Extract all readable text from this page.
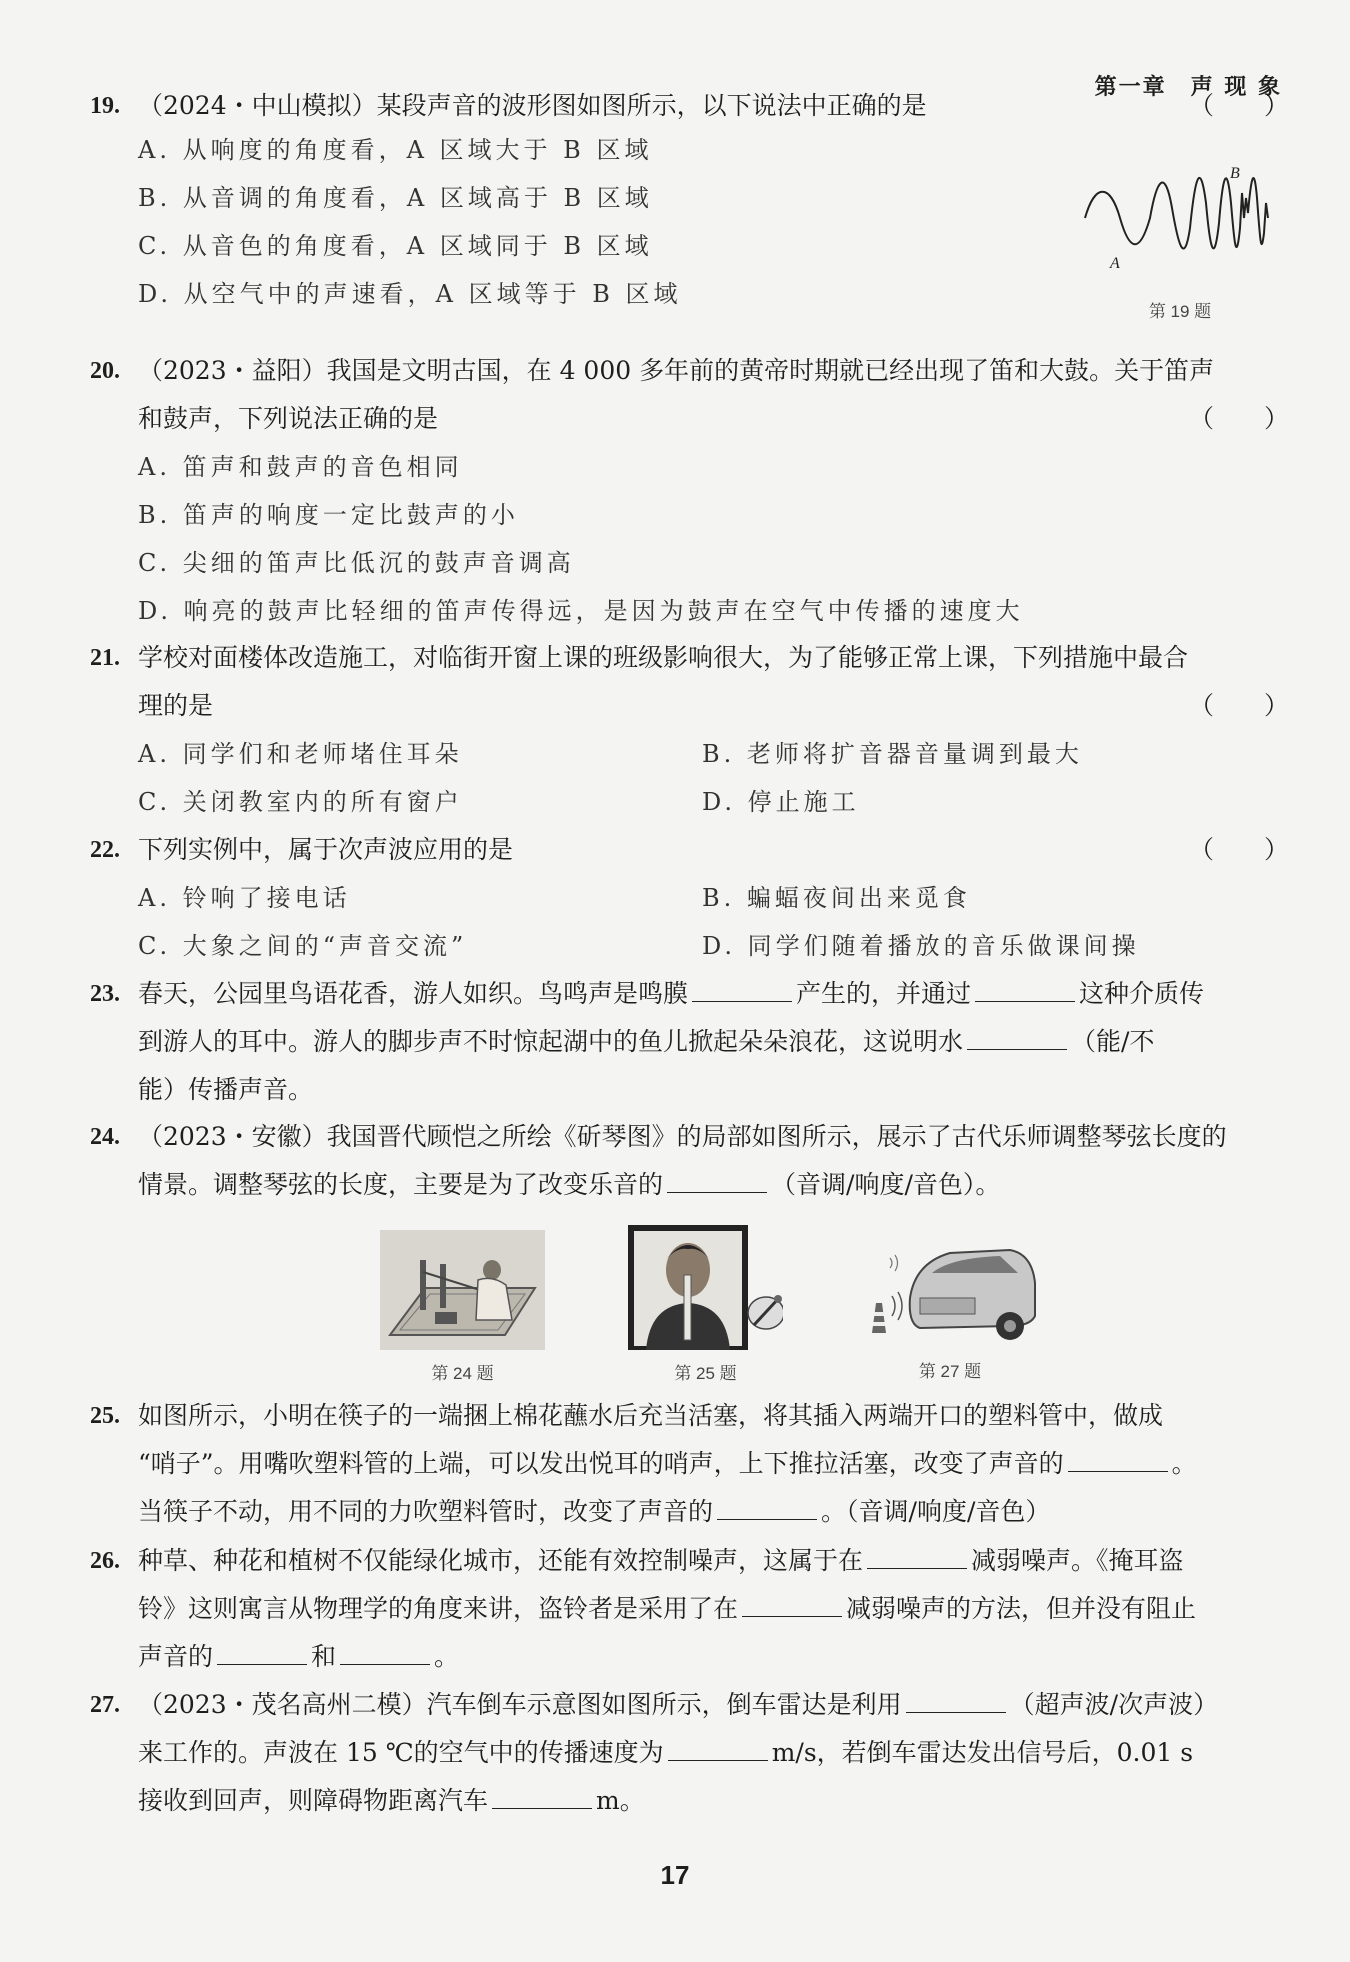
第一章　声 现 象
19. （2024・中山模拟）某段声音的波形图如图所示，以下说法中正确的是	（　　）
A. 从响度的角度看，A 区域大于 B 区域
B. 从音调的角度看，A 区域高于 B 区域
C. 从音色的角度看，A 区域同于 B 区域
D. 从空气中的声速看，A 区域等于 B 区域
A
B
第 19 题
20. （2023・益阳）我国是文明古国，在 4 000 多年前的黄帝时期就已经出现了笛和大鼓。关于笛声
和鼓声，下列说法正确的是	（　　）
A. 笛声和鼓声的音色相同
B. 笛声的响度一定比鼓声的小
C. 尖细的笛声比低沉的鼓声音调高
D. 响亮的鼓声比轻细的笛声传得远，是因为鼓声在空气中传播的速度大
21. 学校对面楼体改造施工，对临街开窗上课的班级影响很大，为了能够正常上课，下列措施中最合
理的是	（　　）
A. 同学们和老师堵住耳朵	B. 老师将扩音器音量调到最大
C. 关闭教室内的所有窗户	D. 停止施工
22. 下列实例中，属于次声波应用的是	（　　）
A. 铃响了接电话	B. 蝙蝠夜间出来觅食
C. 大象之间的“声音交流”	D. 同学们随着播放的音乐做课间操
23. 春天，公园里鸟语花香，游人如织。鸟鸣声是鸣膜	产生的，并通过	这种介质传
到游人的耳中。游人的脚步声不时惊起湖中的鱼儿掀起朵朵浪花，这说明水	（能/不
能）传播声音。
24. （2023・安徽）我国晋代顾恺之所绘《斫琴图》的局部如图所示，展示了古代乐师调整琴弦长度的
情景。调整琴弦的长度，主要是为了改变乐音的	（音调/响度/音色）。
第 24 题	第 25 题	第 27 题
25. 如图所示，小明在筷子的一端捆上棉花蘸水后充当活塞，将其插入两端开口的塑料管中，做成
“哨子”。用嘴吹塑料管的上端，可以发出悦耳的哨声，上下推拉活塞，改变了声音的	。
当筷子不动，用不同的力吹塑料管时，改变了声音的	。（音调/响度/音色）
26. 种草、种花和植树不仅能绿化城市，还能有效控制噪声，这属于在	减弱噪声。《掩耳盗
铃》这则寓言从物理学的角度来讲，盗铃者是采用了在	减弱噪声的方法，但并没有阻止
声音的	和	。
27. （2023・茂名高州二模）汽车倒车示意图如图所示，倒车雷达是利用	（超声波/次声波）
来工作的。声波在 15 ℃的空气中的传播速度为	m/s，若倒车雷达发出信号后，0.01 s
接收到回声，则障碍物距离汽车	m。
17
